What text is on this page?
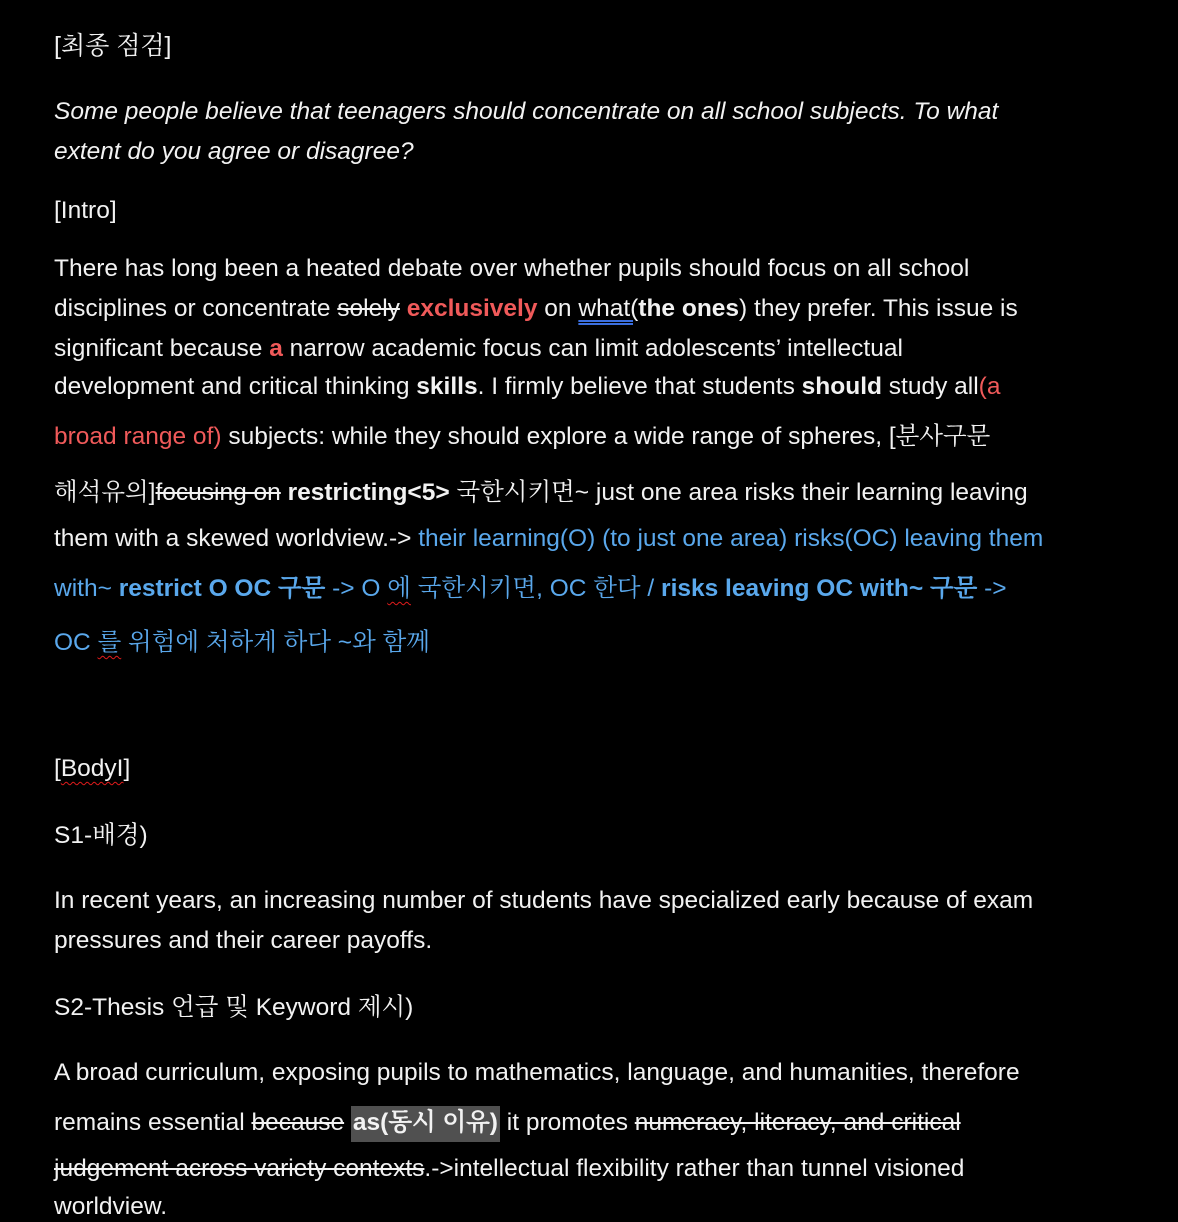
[최종 점검]
Some people believe that teenagers should concentrate on all school subjects. To what
extent do you agree or disagree?
[Intro]
There has long been a heated debate over whether pupils should focus on all school
disciplines or concentrate solely exclusively on what(the ones) they prefer. This issue is
significant because a narrow academic focus can limit adolescents’ intellectual
development and critical thinking skills. I firmly believe that students should study all(a
broad range of) subjects: while they should explore a wide range of spheres, [분사구문
해석유의]focusing on restricting<5> 국한시키면~ just one area risks their learning leaving
them with a skewed worldview.-> their learning(O) (to just one area) risks(OC) leaving them
with~ restrict O OC 구문 -> O 에 국한시키면, OC 한다 / risks leaving OC with~ 구문 ->
OC 를 위험에 처하게 하다 ~와 함께
[BodyI]
S1-배경)
In recent years, an increasing number of students have specialized early because of exam
pressures and their career payoffs.
S2-Thesis 언급 및 Keyword 제시)
A broad curriculum, exposing pupils to mathematics, language, and humanities, therefore
remains essential because as(동시 이유) it promotes numeracy, literacy, and critical
judgement across variety contexts.->intellectual flexibility rather than tunnel visioned
worldview.
